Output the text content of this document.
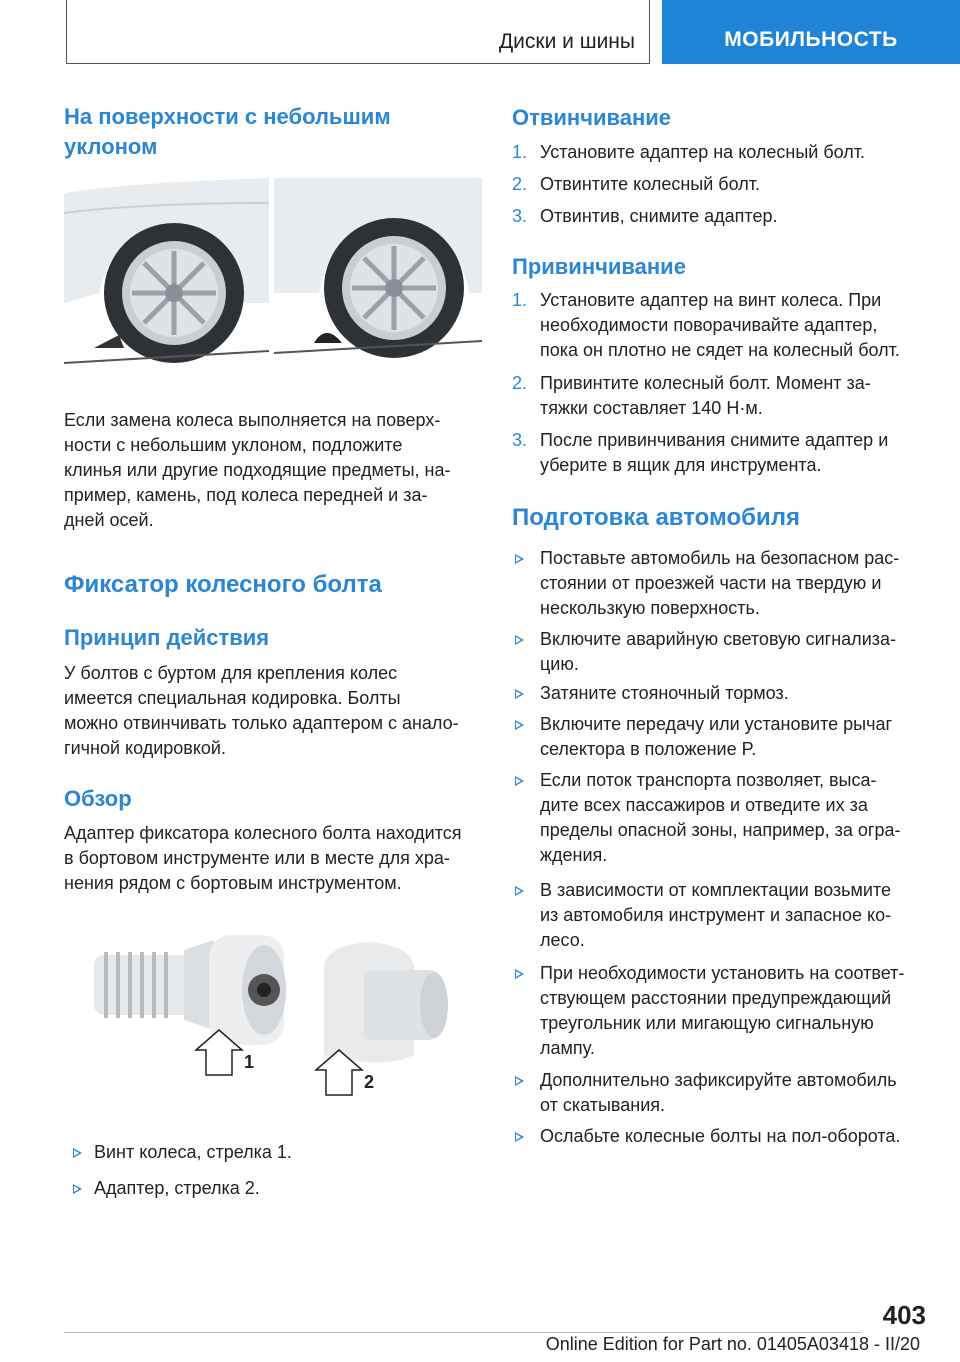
Диски и шины	МОБИЛЬНОСТЬ
На поверхности с небольшим
уклоном
Если замена колеса выполняется на поверх-
ности с небольшим уклоном, подложите
клинья или другие подходящие предметы, на-
пример, камень, под колеса передней и за-
дней осей.
Фиксатор колесного болта
Принцип действия
У болтов с буртом для крепления колес
имеется специальная кодировка. Болты
можно отвинчивать только адаптером с анало-
гичной кодировкой.
Обзор
Адаптер фиксатора колесного болта находится
в бортовом инструменте или в месте для хра-
нения рядом с бортовым инструментом.
1
2
Винт колеса, стрелка 1.
Адаптер, стрелка 2.
Отвинчивание
1. Установите адаптер на колесный болт.
2. Отвинтите колесный болт.
3. Отвинтив, снимите адаптер.
Привинчивание
1. Установите адаптер на винт колеса. При
необходимости поворачивайте адаптер,
пока он плотно не сядет на колесный болт.
2. Привинтите колесный болт. Момент за-
тяжки составляет 140 Н·м.
3. После привинчивания снимите адаптер и
уберите в ящик для инструмента.
Подготовка автомобиля
Поставьте автомобиль на безопасном рас-
стоянии от проезжей части на твердую и
нескользкую поверхность.
Включите аварийную световую сигнализа-
цию.
Затяните стояночный тормоз.
Включите передачу или установите рычаг
селектора в положение P.
Если поток транспорта позволяет, выса-
дите всех пассажиров и отведите их за
пределы опасной зоны, например, за огра-
ждения.
В зависимости от комплектации возьмите
из автомобиля инструмент и запасное ко-
лесо.
При необходимости установить на соответ-
ствующем расстоянии предупреждающий
треугольник или мигающую сигнальную
лампу.
Дополнительно зафиксируйте автомобиль
от скатывания.
Ослабьте колесные болты на пол-оборота.
403
Online Edition for Part no. 01405A03418 - II/20
